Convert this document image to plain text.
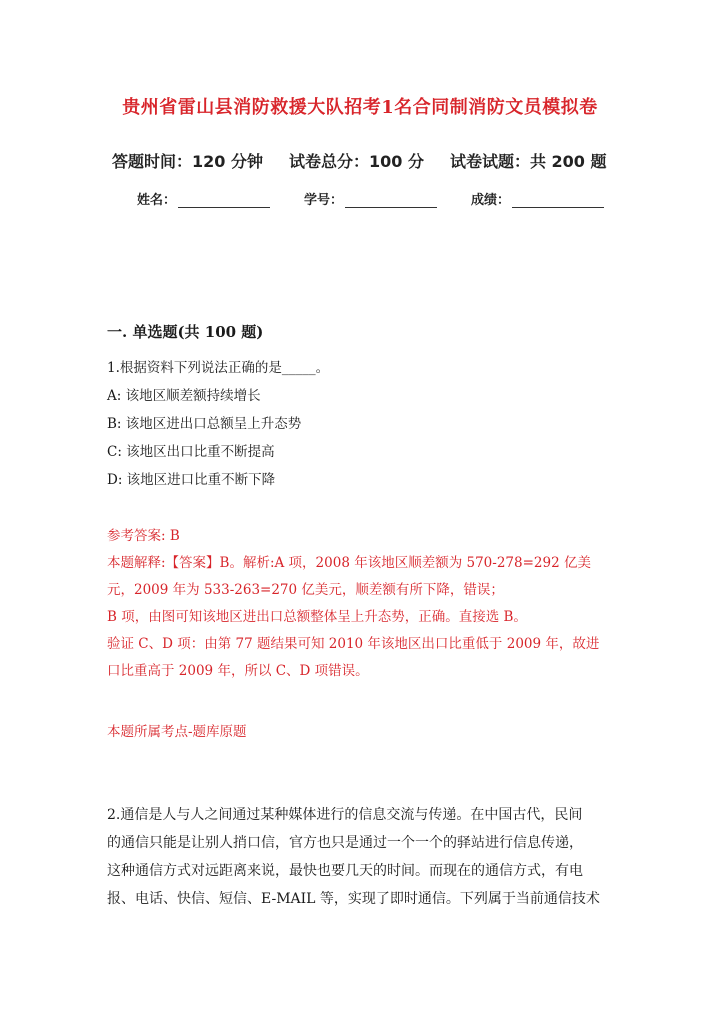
贵州省雷山县消防救援大队招考1名合同制消防文员模拟卷
答题时间：120 分钟 试卷总分：100 分 试卷试题：共 200 题
姓名：	学号：	成绩：
一. 单选题(共 100 题)
1.根据资料下列说法正确的是_____。
A: 该地区顺差额持续增长
B: 该地区进出口总额呈上升态势
C: 该地区出口比重不断提高
D: 该地区进口比重不断下降
参考答案: B
本题解释:【答案】B。解析:A 项，2008 年该地区顺差额为 570-278=292 亿美
元，2009 年为 533-263=270 亿美元，顺差额有所下降，错误；
B 项，由图可知该地区进出口总额整体呈上升态势，正确。直接选 B。
验证 C、D 项：由第 77 题结果可知 2010 年该地区出口比重低于 2009 年，故进
口比重高于 2009 年，所以 C、D 项错误。
本题所属考点-题库原题
2.通信是人与人之间通过某种媒体进行的信息交流与传递。在中国古代，民间
的通信只能是让别人捎口信，官方也只是通过一个一个的驿站进行信息传递，
这种通信方式对远距离来说，最快也要几天的时间。而现在的通信方式，有电
报、电话、快信、短信、E-MAIL 等，实现了即时通信。下列属于当前通信技术
